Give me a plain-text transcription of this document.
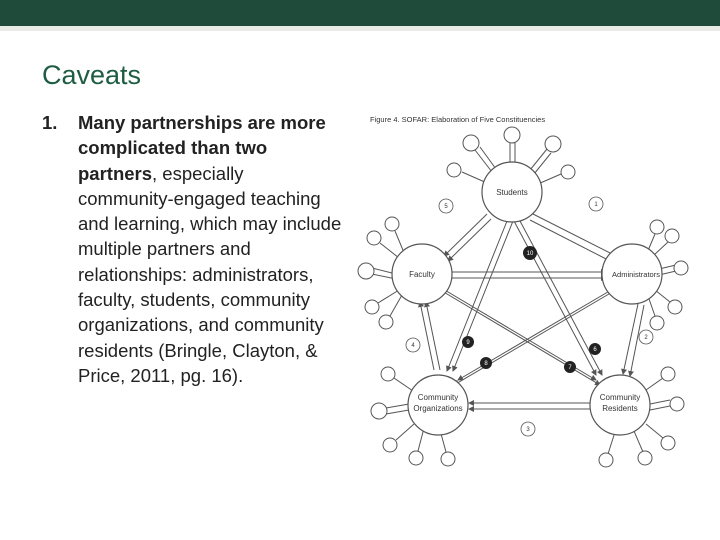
Caveats
1. Many partnerships are more complicated than two partners, especially community-engaged teaching and learning, which may include multiple partners and relationships: administrators, faculty, students, community organizations, and community residents (Bringle, Clayton, & Price, 2011, pg. 16).
Figure 4. SOFAR: Elaboration of Five Constituencies
Students
Faculty	Administrators
Community
Organizations
Community
Residents
1
2
3
4
5
6
7
8
9
10
